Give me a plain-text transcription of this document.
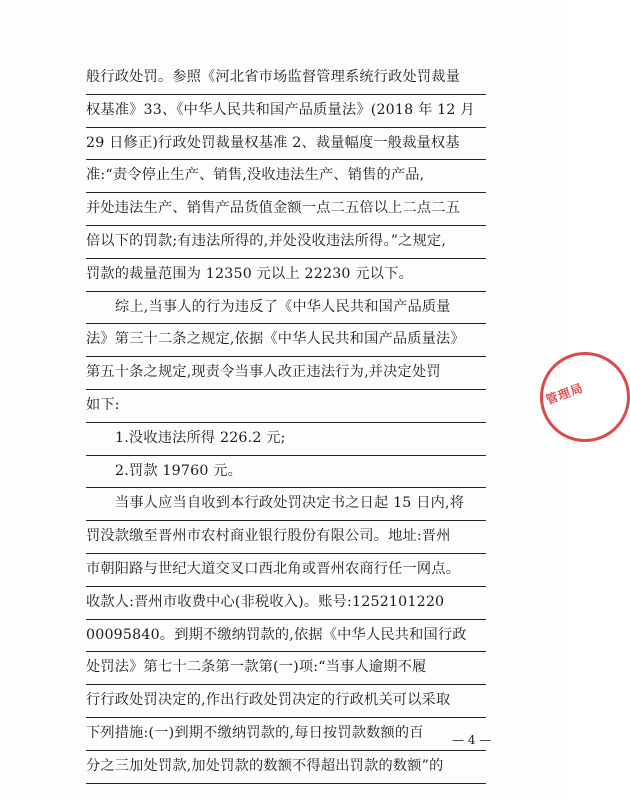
般行政处罚。参照《河北省市场监督管理系统行政处罚裁量
权基准》33、《中华人民共和国产品质量法》(2018 年 12 月
29 日修正)行政处罚裁量权基准 2、裁量幅度一般裁量权基
准:“责令停止生产、销售,没收违法生产、销售的产品,
并处违法生产、销售产品货值金额一点二五倍以上二点二五
倍以下的罚款;有违法所得的,并处没收违法所得。”之规定,
罚款的裁量范围为 12350 元以上 22230 元以下。
综上,当事人的行为违反了《中华人民共和国产品质量
法》第三十二条之规定,依据《中华人民共和国产品质量法》
第五十条之规定,现责令当事人改正违法行为,并决定处罚
如下:
1.没收违法所得 226.2 元;
2.罚款 19760 元。
当事人应当自收到本行政处罚决定书之日起 15 日内,将
罚没款缴至晋州市农村商业银行股份有限公司。地址:晋州
市朝阳路与世纪大道交叉口西北角或晋州农商行任一网点。
收款人:晋州市收费中心(非税收入)。账号:1252101220
00095840。到期不缴纳罚款的,依据《中华人民共和国行政
处罚法》第七十二条第一款第(一)项:“当事人逾期不履
行行政处罚决定的,作出行政处罚决定的行政机关可以采取
下列措施:(一)到期不缴纳罚款的,每日按罚款数额的百
分之三加处罚款,加处罚款的数额不得超出罚款的数额”的
管理局
— 4 —
